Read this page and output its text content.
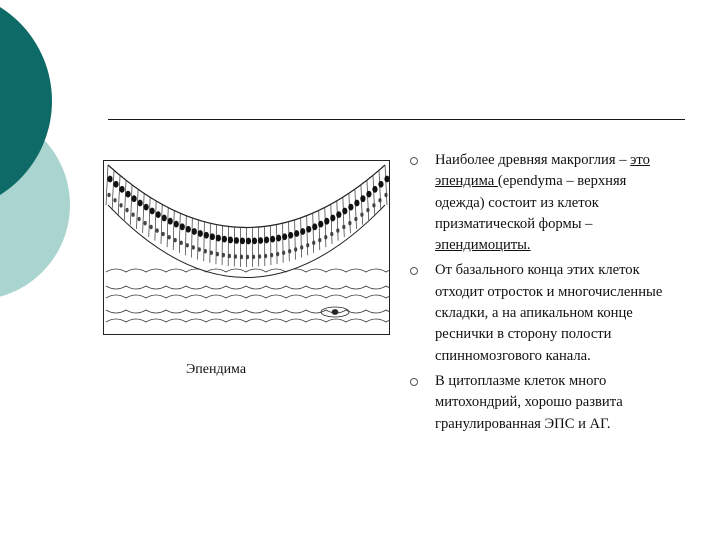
Эпендима
Наиболее древняя макроглия – это эпендима (ependyma – верхняя одежда) состоит из клеток призматической формы – эпендимоциты.
От базального конца этих клеток отходит отросток и многочисленные складки, а на апикальном конце реснички в сторону полости спинномозгового канала.
В цитоплазме клеток много митохондрий, хорошо развита гранулированная ЭПС и АГ.
